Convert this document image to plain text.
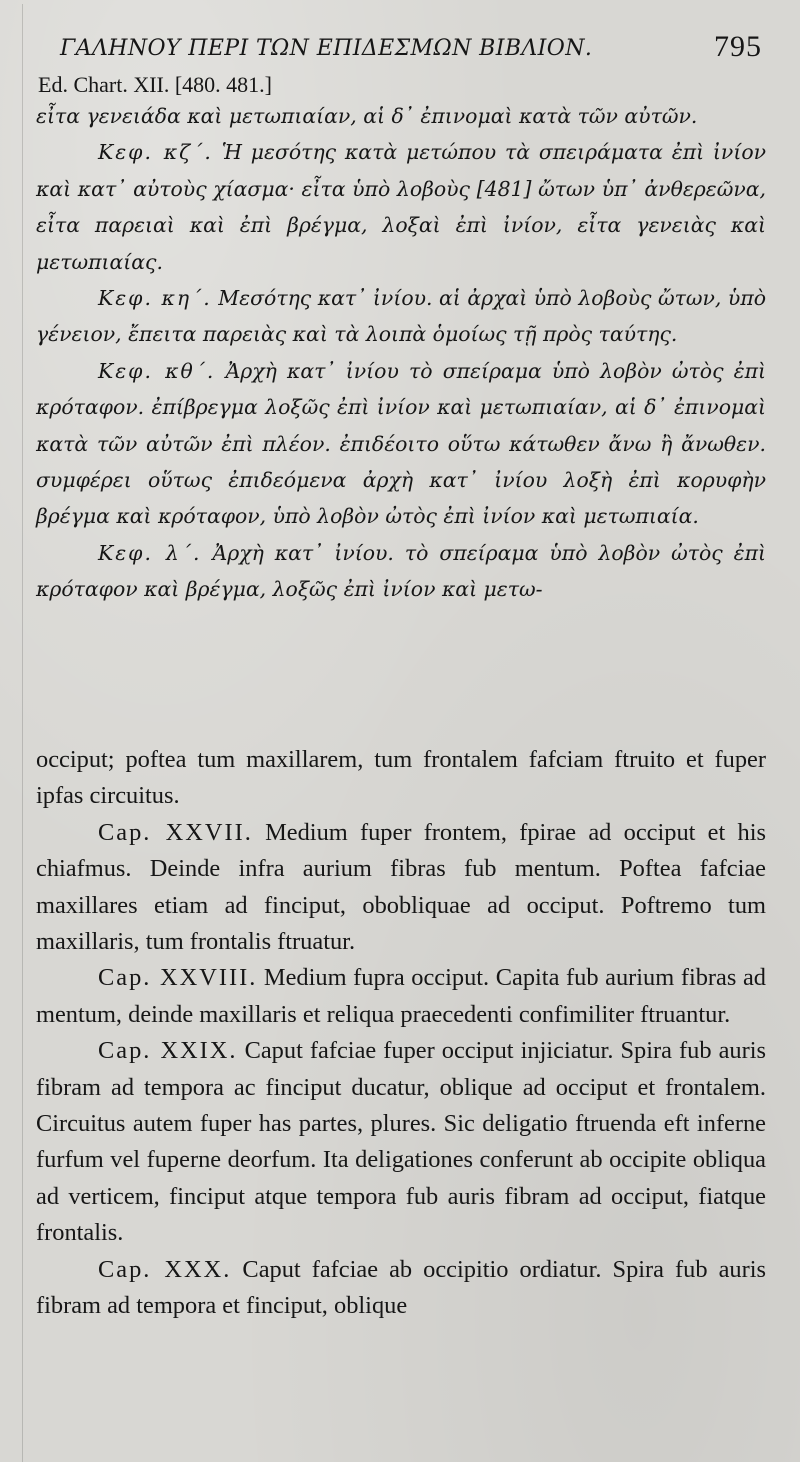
ΓΑΛΗΝΟΥ ΠΕΡΙ ΤΩΝ ΕΠΙΔΕΣΜΩΝ ΒΙΒΛΙΟΝ.	795
Ed. Chart. XII. [480. 481.]

εἶτα γενειάδα καὶ μετωπιαίαν, αἱ δ᾽ ἐπινομαὶ κατὰ τῶν αὐτῶν.

Κεφ. κζ΄. Ἡ μεσότης κατὰ μετώπου τὰ σπειράματα ἐπὶ ἰνίον καὶ κατ᾽ αὐτοὺς χίασμα· εἶτα ὑπὸ λοβοὺς [481] ὤτων ὑπ᾽ ἀνθερεῶνα, εἶτα παρειαὶ καὶ ἐπὶ βρέγμα, λοξαὶ ἐπὶ ἰνίον, εἶτα γενειὰς καὶ μετωπιαίας.

Κεφ. κη΄. Μεσότης κατ᾽ ἰνίου. αἱ ἀρχαὶ ὑπὸ λοβοὺς ὤτων, ὑπὸ γένειον, ἔπειτα παρειὰς καὶ τὰ λοιπὰ ὁμοίως τῇ πρὸς ταύτης.

Κεφ. κθ΄. Ἀρχὴ κατ᾽ ἰνίου τὸ σπείραμα ὑπὸ λοβὸν ὠτὸς ἐπὶ κρόταφον. ἐπίβρεγμα λοξῶς ἐπὶ ἰνίον καὶ μετωπιαίαν, αἱ δ᾽ ἐπινομαὶ κατὰ τῶν αὐτῶν ἐπὶ πλέον. ἐπιδέοιτο οὕτω κάτωθεν ἄνω ἢ ἄνωθεν. συμφέρει οὕτως ἐπιδεόμενα ἀρχὴ κατ᾽ ἰνίου λοξὴ ἐπὶ κορυφὴν βρέγμα καὶ κρόταφον, ὑπὸ λοβὸν ὠτὸς ἐπὶ ἰνίον καὶ μετωπιαία.

Κεφ. λ΄. Ἀρχὴ κατ᾽ ἰνίου. τὸ σπείραμα ὑπὸ λοβὸν ὠτὸς ἐπὶ κρόταφον καὶ βρέγμα, λοξῶς ἐπὶ ἰνίον καὶ μετω-

occiput; poftea tum maxillarem, tum frontalem fafciam ftruito et fuper ipfas circuitus.

Cap. XXVII. Medium fuper frontem, fpirae ad occiput et his chiafmus. Deinde infra aurium fibras fub mentum. Poftea fafciae maxillares etiam ad finciput, obobliquae ad occiput. Poftremo tum maxillaris, tum frontalis ftruatur.

Cap. XXVIII. Medium fupra occiput. Capita fub aurium fibras ad mentum, deinde maxillaris et reliqua praecedenti confimiliter ftruantur.

Cap. XXIX. Caput fafciae fuper occiput injiciatur. Spira fub auris fibram ad tempora ac finciput ducatur, oblique ad occiput et frontalem. Circuitus autem fuper has partes, plures. Sic deligatio ftruenda eft inferne furfum vel fuperne deorfum. Ita deligationes conferunt ab occipite obliqua ad verticem, finciput atque tempora fub auris fibram ad occiput, fiatque frontalis.

Cap. XXX. Caput fafciae ab occipitio ordiatur. Spira fub auris fibram ad tempora et finciput, oblique
